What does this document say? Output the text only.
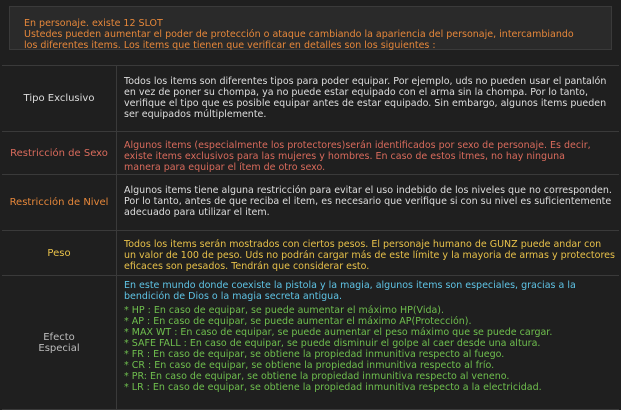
En personaje. existe 12 SLOT
Ustedes pueden aumentar el poder de protección o ataque cambiando la apariencia del personaje, intercambiando
los diferentes items. Los items que tienen que verificar en detalles son los siguientes :
Tipo Exclusivo
Todos los items son diferentes tipos para poder equipar. Por ejemplo, uds no pueden usar el pantalón
en vez de poner su chompa, ya no puede estar equipado con el arma sin la chompa. Por lo tanto,
verifique el tipo que es posible equipar antes de estar equipado. Sin embargo, algunos items pueden
ser equipados múltiplemente.
Restricción de Sexo
Algunos items (especialmente los protectores)serán identificados por sexo de personaje. Es decir,
existe items exclusivos para las mujeres y hombres. En caso de estos itmes, no hay ninguna
manera para equipar el ítem de otro sexo.
Restricción de Nivel
Algunos items tiene alguna restricción para evitar el uso indebido de los niveles que no corresponden.
Por lo tanto, antes de que reciba el item, es necesario que verifique si con su nivel es suficientemente
adecuado para utilizar el item.
Peso
Todos los items serán mostrados con ciertos pesos. El personaje humano de GUNZ puede andar con
un valor de 100 de peso. Uds no podrán cargar más de este límite y la mayoria de armas y protectores
eficaces son pesados. Tendrán que considerar esto.
Efecto
Especial
En este mundo donde coexiste la pistola y la magia, algunos items son especiales, gracias a la
bendición de Dios o la magia secreta antigua.
* HP : En caso de equipar, se puede aumentar el máximo HP(Vida).
* AP : En caso de equipar, se puede aumentar el máximo AP(Protección).
* MAX WT : En caso de equipar, se puede aumentar el peso máximo que se puede cargar.
* SAFE FALL : En caso de equipar, se puede disminuir el golpe al caer desde una altura.
* FR : En caso de equipar, se obtiene la propiedad inmunitiva respecto al fuego.
* CR : En caso de equipar, se obtiene la propiedad inmunitiva respecto al frío.
* PR: En caso de equipar, se obtiene la propiedad inmunitiva respecto al veneno.
* LR : En caso de equipar, se obtiene la propiedad inmunitiva respecto a la electricidad.
